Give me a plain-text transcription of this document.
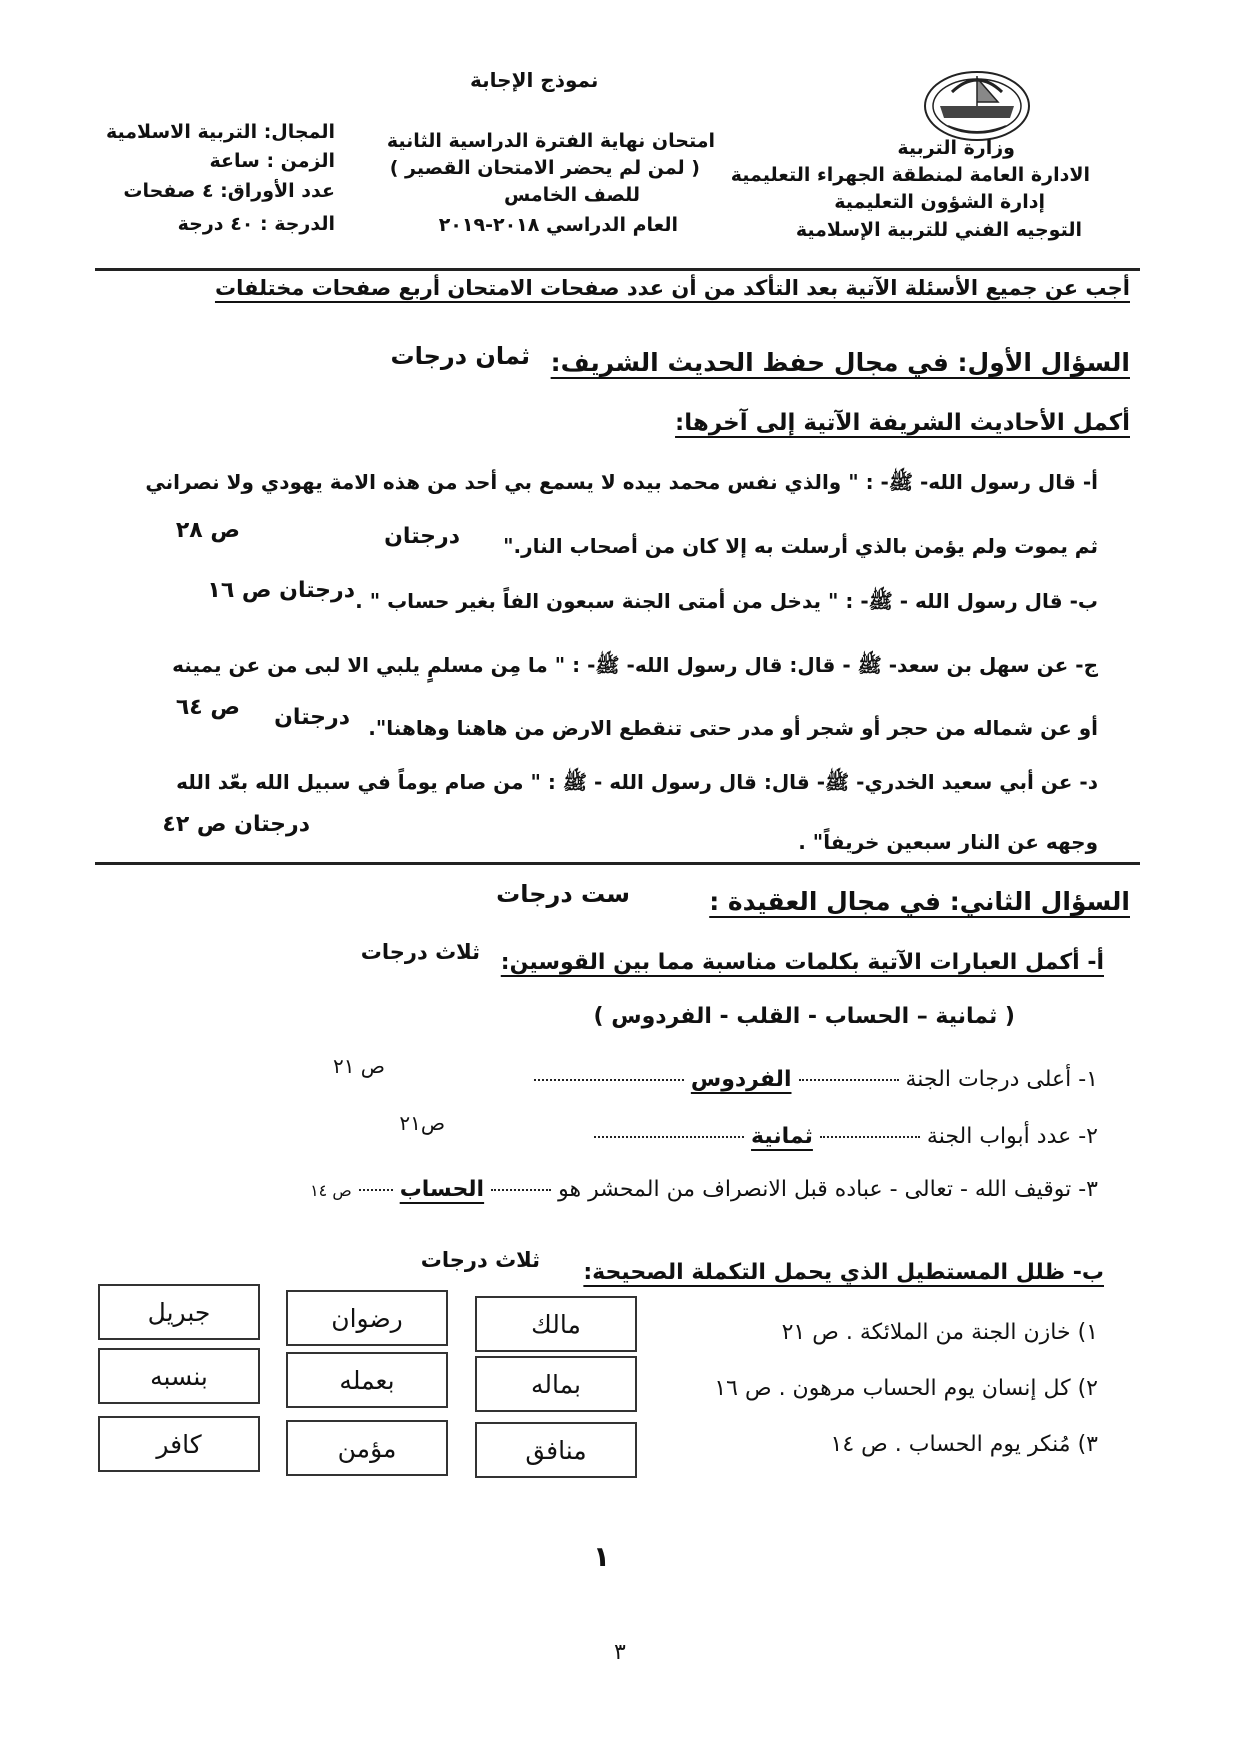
نموذج الإجابة
وزارة التربية
الادارة العامة لمنطقة الجهراء التعليمية
إدارة الشؤون التعليمية
التوجيه الفني للتربية الإسلامية
امتحان نهاية الفترة الدراسية الثانية
( لمن لم يحضر الامتحان القصير )
للصف الخامس
العام الدراسي ٢٠١٨-٢٠١٩
المجال: التربية الاسلامية
الزمن : ساعة
عدد الأوراق: ٤ صفحات
الدرجة : ٤٠ درجة
أجب عن جميع الأسئلة الآتية بعد التأكد من أن عدد صفحات الامتحان أربع صفحات مختلفات
السؤال الأول: في مجال حفظ الحديث الشريف:
ثمان درجات
أكمل الأحاديث الشريفة الآتية إلى آخرها:
أ- قال رسول الله- ﷺ- : " والذي نفس محمد بيده لا يسمع بي أحد من هذه الامة يهودي ولا نصراني
ثم يموت ولم يؤمن بالذي أرسلت به إلا كان من أصحاب النار."
درجتان
ص ٢٨
ب- قال رسول الله - ﷺ- : " يدخل من أمتى الجنة سبعون الفاً بغير حساب " .
درجتان ص ١٦
ج- عن سهل بن سعد- ﷺ - قال: قال رسول الله- ﷺ- : " ما مِن مسلمٍ يلبي الا لبى من عن يمينه
أو عن شماله من حجر أو شجر أو مدر حتى تنقطع الارض من هاهنا وهاهنا".
درجتان
ص ٦٤
د- عن أبي سعيد الخدري- ﷺ- قال: قال رسول الله - ﷺ : " من صام يوماً في سبيل الله بعّد الله
وجهه عن النار سبعين خريفاً" .
درجتان ص ٤٢
السؤال الثاني: في مجال العقيدة :
ست درجات
أ- أكمل العبارات الآتية بكلمات مناسبة مما بين القوسين:
ثلاث درجات
( ثمانية – الحساب - القلب - الفردوس )
١- أعلى درجات الجنة  الفردوس
ص ٢١
٢- عدد أبواب الجنة  ثمانية
ص٢١
٣- توقيف الله - تعالى - عباده قبل الانصراف من المحشر هو  الحساب  ص ١٤
ب- ظلل المستطيل الذي يحمل التكملة الصحيحة:
ثلاث درجات
١) خازن الجنة من الملائكة . ص ٢١
مالك
رضوان
جبريل
٢) كل إنسان يوم الحساب مرهون . ص ١٦
بماله
بعمله
بنسبه
٣) مُنكر يوم الحساب . ص ١٤
منافق
مؤمن
كافر
١
٣
